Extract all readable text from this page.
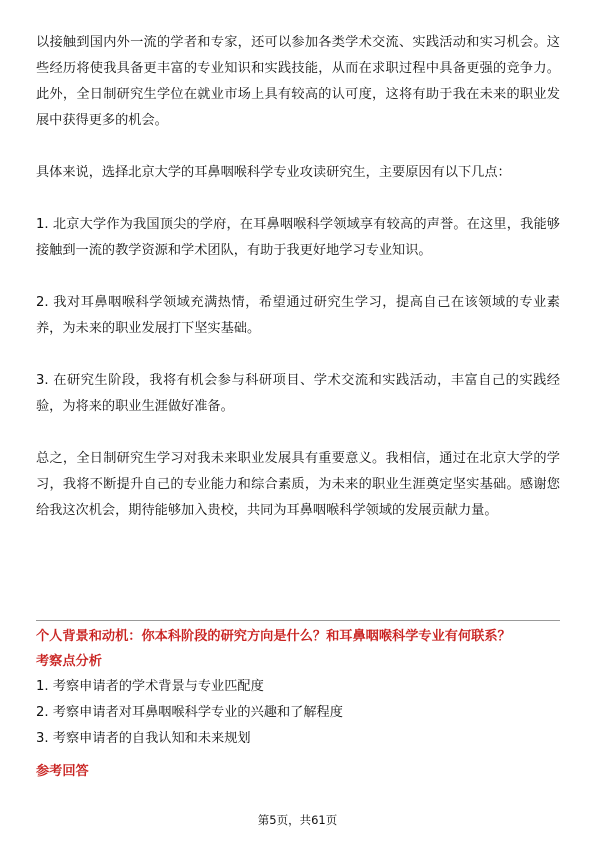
以接触到国内外一流的学者和专家，还可以参加各类学术交流、实践活动和实习机会。这些经历将使我具备更丰富的专业知识和实践技能，从而在求职过程中具备更强的竞争力。此外，全日制研究生学位在就业市场上具有较高的认可度，这将有助于我在未来的职业发展中获得更多的机会。

具体来说，选择北京大学的耳鼻咽喉科学专业攻读研究生，主要原因有以下几点：

1. 北京大学作为我国顶尖的学府，在耳鼻咽喉科学领域享有较高的声誉。在这里，我能够接触到一流的教学资源和学术团队，有助于我更好地学习专业知识。

2. 我对耳鼻咽喉科学领域充满热情，希望通过研究生学习，提高自己在该领域的专业素养，为未来的职业发展打下坚实基础。

3. 在研究生阶段，我将有机会参与科研项目、学术交流和实践活动，丰富自己的实践经验，为将来的职业生涯做好准备。

总之，全日制研究生学习对我未来职业发展具有重要意义。我相信，通过在北京大学的学习，我将不断提升自己的专业能力和综合素质，为未来的职业生涯奠定坚实基础。感谢您给我这次机会，期待能够加入贵校，共同为耳鼻咽喉科学领域的发展贡献力量。

个人背景和动机：你本科阶段的研究方向是什么？和耳鼻咽喉科学专业有何联系？

考察点分析

1. 考察申请者的学术背景与专业匹配度

2. 考察申请者对耳鼻咽喉科学专业的兴趣和了解程度

3. 考察申请者的自我认知和未来规划

参考回答

第5页，共61页
